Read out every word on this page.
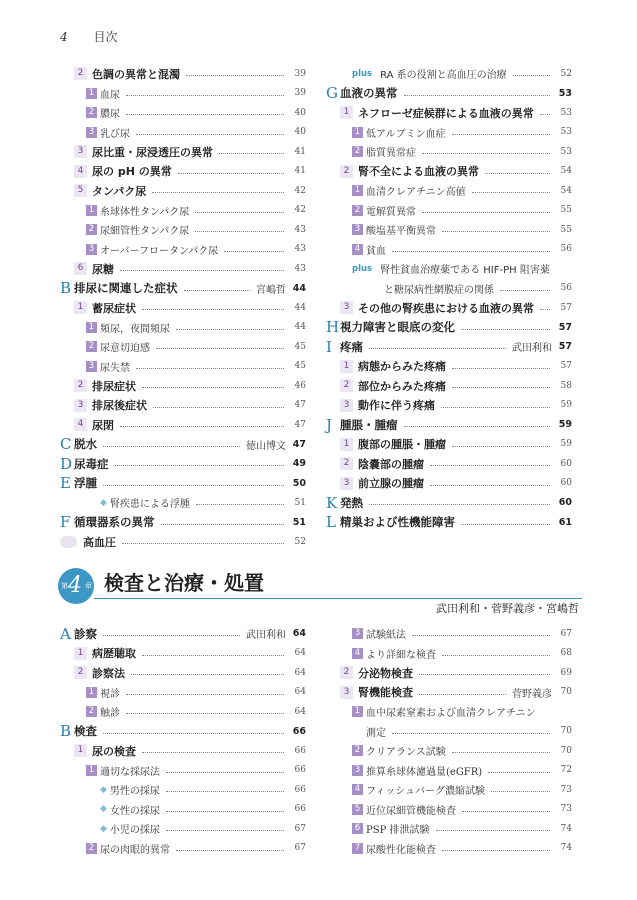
4 目次
2 色調の異常と混濁	39
1 血尿	39
2 膿尿	40
3 乳び尿	40
3 尿比重・尿浸透圧の異常	41
4 尿の pH の異常	41
5 タンパク尿	42
1 糸球体性タンパク尿	42
2 尿細管性タンパク尿	43
3 オーバーフロータンパク尿	43
6 尿糖	43
B 排尿に関連した症状	宮嶋哲 44
1 蓄尿症状	44
1 頻尿，夜間頻尿	44
2 尿意切迫感	45
3 尿失禁	45
2 排尿症状	46
3 排尿後症状	47
4 尿閉	47
C 脱水	徳山博文 47
D 尿毒症	49
E 浮腫	50
◆ 腎疾患による浮腫	51
F 循環器系の異常	51
高血圧	52
plus RA 系の役割と高血圧の治療	52
G 血液の異常	53
1 ネフローゼ症候群による血液の異常	53
1 低アルブミン血症	53
2 脂質異常症	53
2 腎不全による血液の異常	54
1 血清クレアチニン高値	54
2 電解質異常	55
3 酸塩基平衡異常	55
4 貧血	56
plus 腎性貧血治療薬である HIF-PH 阻害薬
と糖尿病性網膜症の関係	56
3 その他の腎疾患における血液の異常	57
H 視力障害と眼底の変化	57
I 疼痛	武田利和 57
1 病態からみた疼痛	57
2 部位からみた疼痛	58
3 動作に伴う疼痛	59
J 腫脹・腫瘤	59
1 腹部の腫脹・腫瘤	59
2 陰嚢部の腫瘤	60
3 前立腺の腫瘤	60
K 発熱	60
L 精巣および性機能障害	61
第 4 章 検査と治療・処置
武田利和・菅野義彦・宮嶋哲
A 診察	武田利和 64
1 病歴聴取	64
2 診察法	64
1 視診	64
2 触診	64
B 検査	66
1 尿の検査	66
1 適切な採尿法	66
◆ 男性の採尿	66
◆ 女性の採尿	66
◆ 小児の採尿	67
2 尿の肉眼的異常	67
3 試験紙法	67
4 より詳細な検査	68
2 分泌物検査	69
3 腎機能検査	菅野義彦 70
1 血中尿素窒素および血清クレアチニン
測定	70
2 クリアランス試験	70
3 推算糸球体濾過量(eGFR)	72
4 フィッシュバーグ濃縮試験	73
5 近位尿細管機能検査	73
6 PSP 排泄試験	74
7 尿酸性化能検査	74
